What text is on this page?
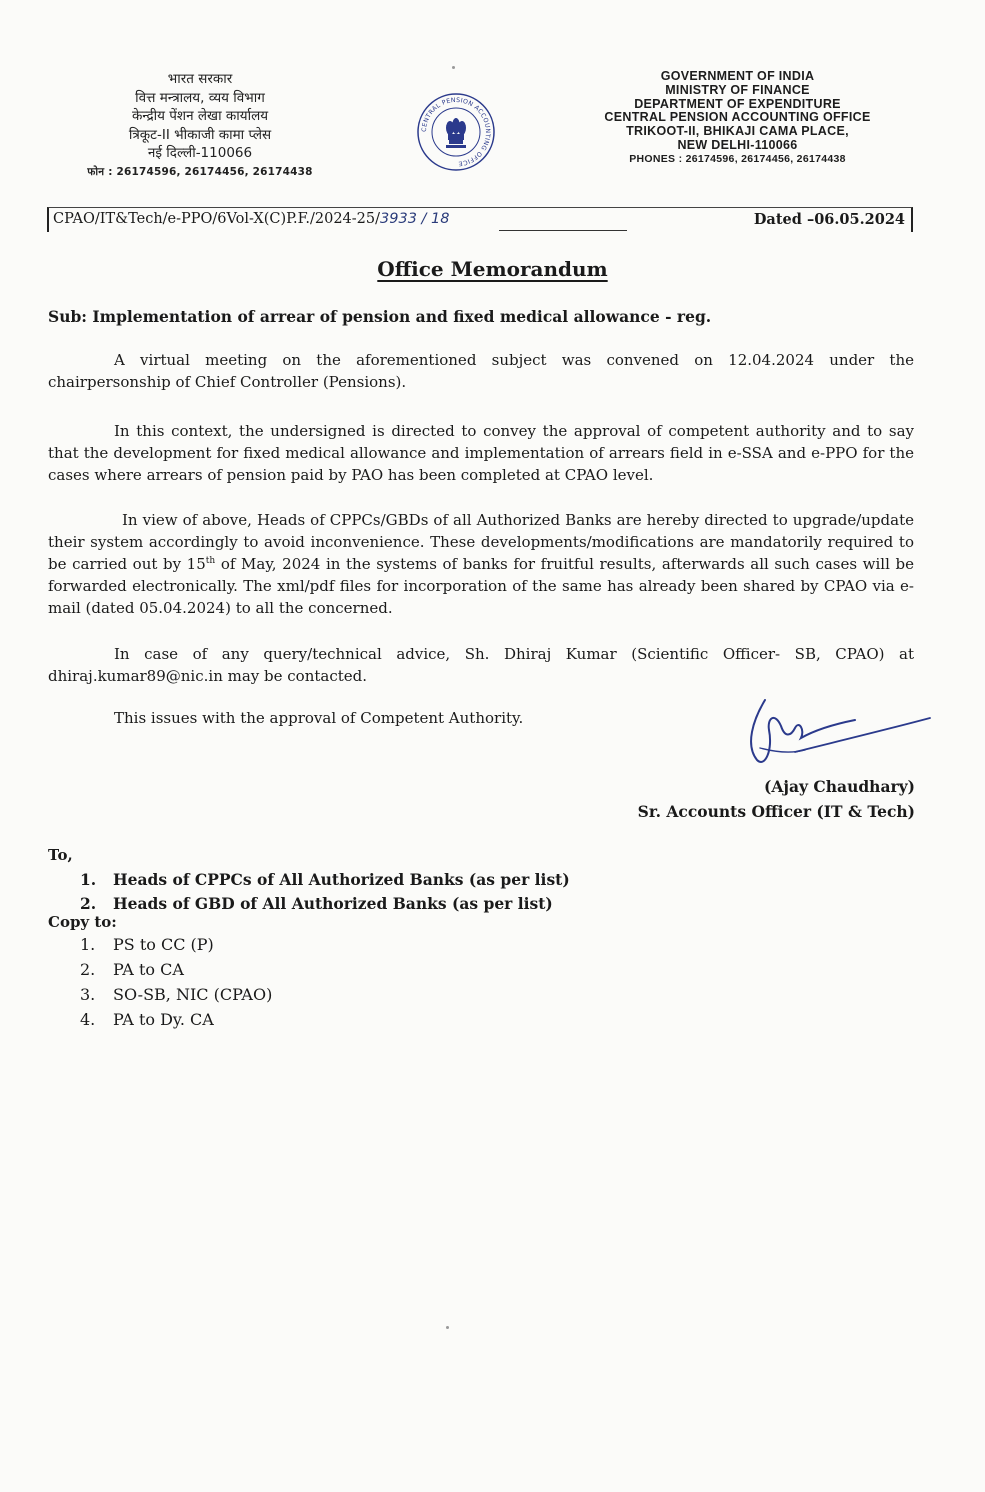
भारत सरकार
वित्त मन्त्रालय, व्यय विभाग
केन्द्रीय पेंशन लेखा कार्यालय
त्रिकूट-II भीकाजी कामा प्लेस
नई दिल्ली-110066
फोन : 26174596, 26174456, 26174438
CENTRAL PENSION ACCOUNTING OFFICE
GOVERNMENT OF INDIA
MINISTRY OF FINANCE
DEPARTMENT OF EXPENDITURE
CENTRAL PENSION ACCOUNTING OFFICE
TRIKOOT-II, BHIKAJI CAMA PLACE,
NEW DELHI-110066
PHONES : 26174596, 26174456, 26174438
CPAO/IT&Tech/e-PPO/6Vol-X(C)P.F./2024-25/3933 / 18	Dated –06.05.2024
Office Memorandum
Sub: Implementation of arrear of pension and fixed medical allowance - reg.
A virtual meeting on the aforementioned subject was convened on 12.04.2024 under the chairpersonship of Chief Controller (Pensions).
In this context, the undersigned is directed to convey the approval of competent authority and to say that the development for fixed medical allowance and implementation of arrears field in e-SSA and e-PPO for the cases where arrears of pension paid by PAO has been completed at CPAO level.
In view of above, Heads of CPPCs/GBDs of all Authorized Banks are hereby directed to upgrade/update their system accordingly to avoid inconvenience. These developments/modifications are mandatorily required to be carried out by 15th of May, 2024 in the systems of banks for fruitful results, afterwards all such cases will be forwarded electronically. The xml/pdf files for incorporation of the same has already been shared by CPAO via e-mail (dated 05.04.2024) to all the concerned.
In case of any query/technical advice, Sh. Dhiraj Kumar (Scientific Officer- SB, CPAO) at dhiraj.kumar89@nic.in may be contacted.
This issues with the approval of Competent Authority.
(Ajay Chaudhary)
Sr. Accounts Officer (IT & Tech)
To,
1. Heads of CPPCs of All Authorized Banks (as per list)
2. Heads of GBD of All Authorized Banks (as per list)
Copy to:
1. PS to CC (P)
2. PA to CA
3. SO-SB, NIC (CPAO)
4. PA to Dy. CA
